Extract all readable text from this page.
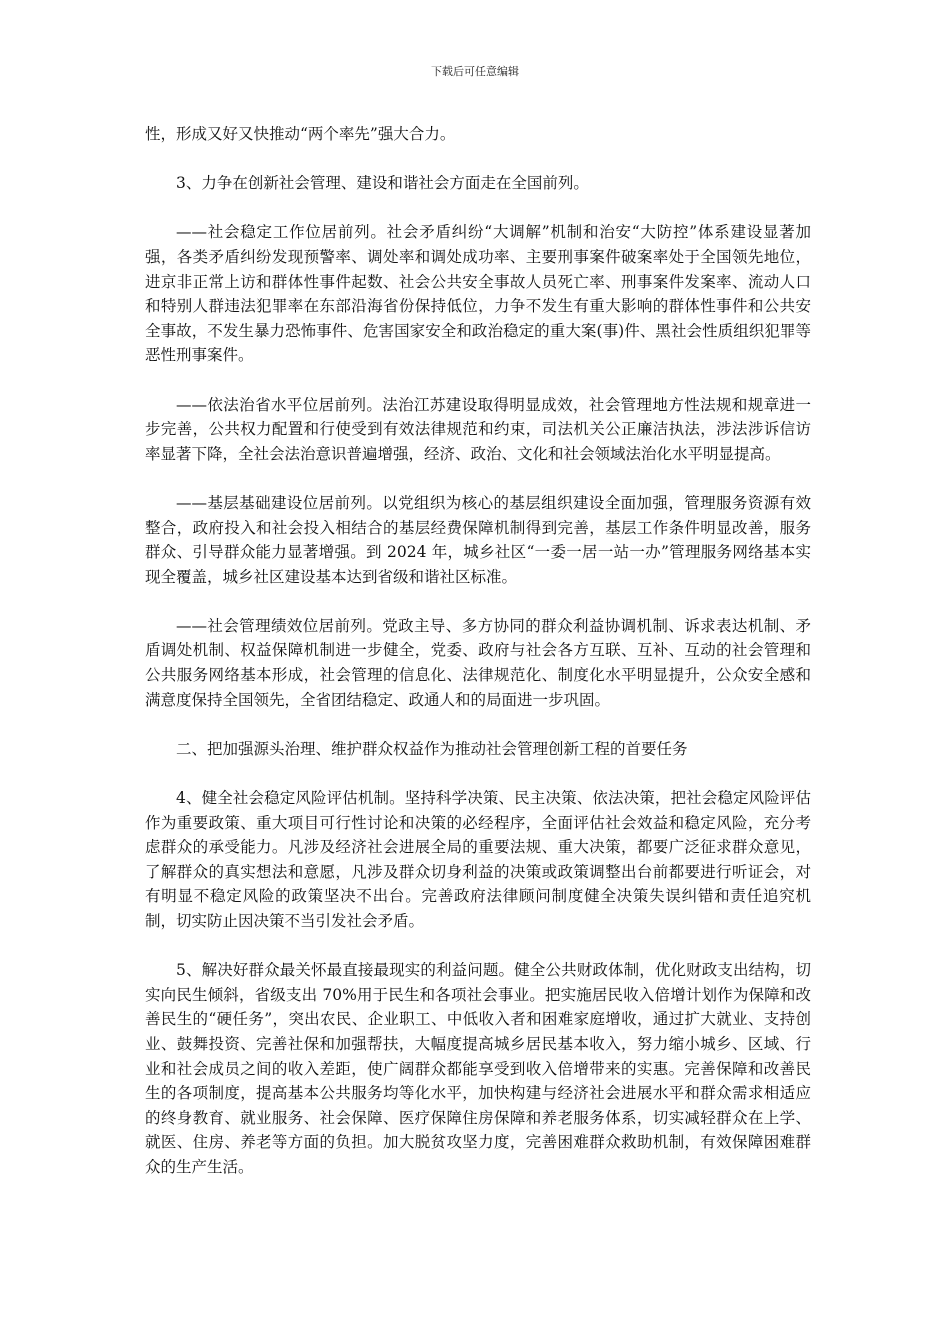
下载后可任意编辑

性，形成又好又快推动“两个率先”强大合力。

3、力争在创新社会管理、建设和谐社会方面走在全国前列。

——社会稳定工作位居前列。社会矛盾纠纷“大调解”机制和治安“大防控”体系建设显著加强，各类矛盾纠纷发现预警率、调处率和调处成功率、主要刑事案件破案率处于全国领先地位，进京非正常上访和群体性事件起数、社会公共安全事故人员死亡率、刑事案件发案率、流动人口和特别人群违法犯罪率在东部沿海省份保持低位，力争不发生有重大影响的群体性事件和公共安全事故，不发生暴力恐怖事件、危害国家安全和政治稳定的重大案(事)件、黑社会性质组织犯罪等恶性刑事案件。

——依法治省水平位居前列。法治江苏建设取得明显成效，社会管理地方性法规和规章进一步完善，公共权力配置和行使受到有效法律规范和约束，司法机关公正廉洁执法，涉法涉诉信访率显著下降，全社会法治意识普遍增强，经济、政治、文化和社会领域法治化水平明显提高。

——基层基础建设位居前列。以党组织为核心的基层组织建设全面加强，管理服务资源有效整合，政府投入和社会投入相结合的基层经费保障机制得到完善，基层工作条件明显改善，服务群众、引导群众能力显著增强。到 2024 年，城乡社区“一委一居一站一办”管理服务网络基本实现全覆盖，城乡社区建设基本达到省级和谐社区标准。

——社会管理绩效位居前列。党政主导、多方协同的群众利益协调机制、诉求表达机制、矛盾调处机制、权益保障机制进一步健全，党委、政府与社会各方互联、互补、互动的社会管理和公共服务网络基本形成，社会管理的信息化、法律规范化、制度化水平明显提升，公众安全感和满意度保持全国领先，全省团结稳定、政通人和的局面进一步巩固。

二、把加强源头治理、维护群众权益作为推动社会管理创新工程的首要任务

4、健全社会稳定风险评估机制。坚持科学决策、民主决策、依法决策，把社会稳定风险评估作为重要政策、重大项目可行性讨论和决策的必经程序，全面评估社会效益和稳定风险，充分考虑群众的承受能力。凡涉及经济社会进展全局的重要法规、重大决策，都要广泛征求群众意见，了解群众的真实想法和意愿，凡涉及群众切身利益的决策或政策调整出台前都要进行听证会，对有明显不稳定风险的政策坚决不出台。完善政府法律顾问制度健全决策失误纠错和责任追究机制，切实防止因决策不当引发社会矛盾。

5、解决好群众最关怀最直接最现实的利益问题。健全公共财政体制，优化财政支出结构，切实向民生倾斜，省级支出 70%用于民生和各项社会事业。把实施居民收入倍增计划作为保障和改善民生的“硬任务”，突出农民、企业职工、中低收入者和困难家庭增收，通过扩大就业、支持创业、鼓舞投资、完善社保和加强帮扶，大幅度提高城乡居民基本收入，努力缩小城乡、区域、行业和社会成员之间的收入差距，使广阔群众都能享受到收入倍增带来的实惠。完善保障和改善民生的各项制度，提高基本公共服务均等化水平，加快构建与经济社会进展水平和群众需求相适应的终身教育、就业服务、社会保障、医疗保障住房保障和养老服务体系，切实减轻群众在上学、就医、住房、养老等方面的负担。加大脱贫攻坚力度，完善困难群众救助机制，有效保障困难群众的生产生活。
